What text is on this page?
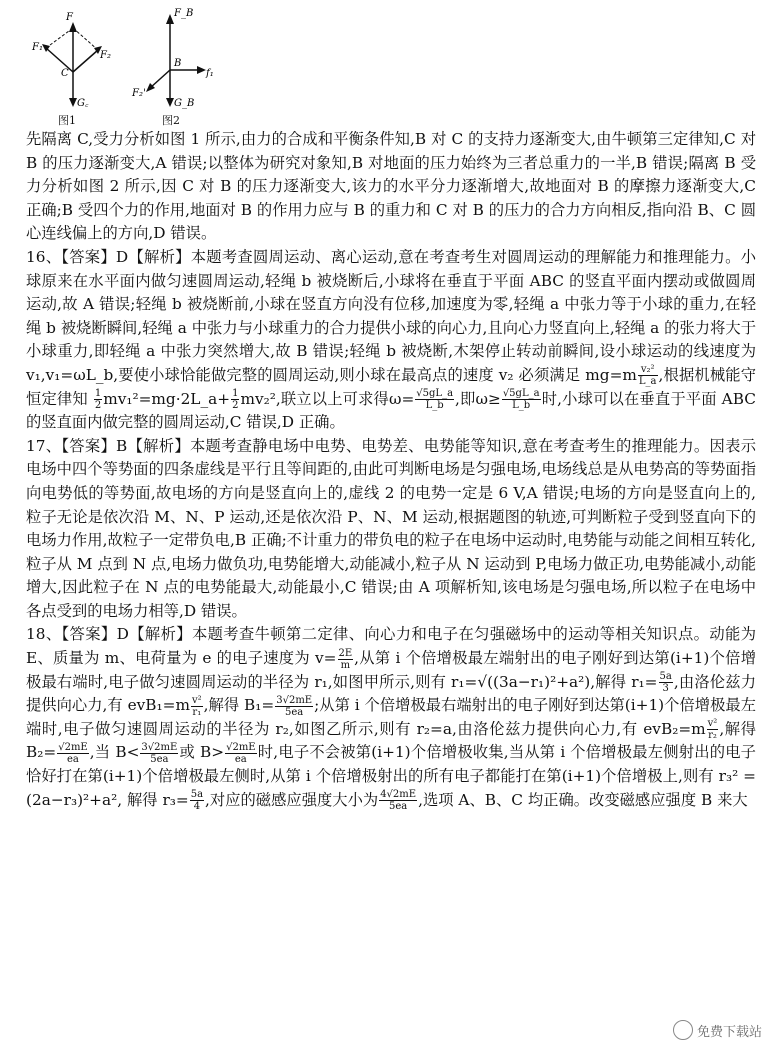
F
F₁
F₂
C
G꜀
图1
F_B
B
f₁
F₂'
G_B
图2

先隔离 C,受力分析如图 1 所示,由力的合成和平衡条件知,B 对 C 的支持力逐渐变大,由牛顿第三定律知,C 对 B 的压力逐渐变大,A 错误;以整体为研究对象知,B 对地面的压力始终为三者总重力的一半,B 错误;隔离 B 受力分析如图 2 所示,因 C 对 B 的压力逐渐变大,该力的水平分力逐渐增大,故地面对 B 的摩擦力逐渐变大,C 正确;B 受四个力的作用,地面对 B 的作用力应与 B 的重力和 C 对 B 的压力的合力方向相反,指向沿 B、C 圆心连线偏上的方向,D 错误。

16、【答案】D【解析】本题考查圆周运动、离心运动,意在考查考生对圆周运动的理解能力和推理能力。小球原来在水平面内做匀速圆周运动,轻绳 b 被烧断后,小球将在垂直于平面 ABC 的竖直平面内摆动或做圆周运动,故 A 错误;轻绳 b 被烧断前,小球在竖直方向没有位移,加速度为零,轻绳 a 中张力等于小球的重力,在轻绳 b 被烧断瞬间,轻绳 a 中张力与小球重力的合力提供小球的向心力,且向心力竖直向上,轻绳 a 的张力将大于小球重力,即轻绳 a 中张力突然增大,故 B 错误;轻绳 b 被烧断,木架停止转动前瞬间,设小球运动的线速度为 v₁,v₁=ωL_b,要使小球恰能做完整的圆周运动,则小球在最高点的速度 v₂ 必须满足 $mg=m \frac{\text{v₂²}}{L\_a}$ ,根据机械能守恒定律知 $\frac{1}{2}$ mv₁²=mg·2L_a+ $\frac{1}{2} mv_2^2$,联立以上可求得$\omega= \frac{√5gL\_a}{L\_b}$ ,即$\omega\ge \frac{√5gL\_a}{L\_b}$ 时,小球可以在垂直于平面 ABC 的竖直面内做完整的圆周运动,C 错误,D 正确。

17、【答案】B【解析】本题考查静电场中电势、电势差、电势能等知识,意在考查考生的推理能力。因表示电场中四个等势面的四条虚线是平行且等间距的,由此可判断电场是匀强电场,电场线总是从电势高的等势面指向电势低的等势面,故电场的方向是竖直向上的,虚线 2 的电势一定是 6 V,A 错误;电场的方向是竖直向上的,粒子无论是依次沿 M、N、P 运动,还是依次沿 P、N、M 运动,根据题图的轨迹,可判断粒子受到竖直向下的电场力作用,故粒子一定带负电,B 正确;不计重力的带负电的粒子在电场中运动时,电势能与动能之间相互转化,粒子从 M 点到 N 点,电场力做负功,电势能增大,动能减小,粒子从 N 运动到 P,电场力做正功,电势能减小,动能增大,因此粒子在 N 点的电势能最大,动能最小,C 错误;由 A 项解析知,该电场是匀强电场,所以粒子在电场中各点受到的电场力相等,D 错误。

18、【答案】D【解析】本题考查牛顿第二定律、向心力和电子在匀强磁场中的运动等相关知识点。动能为 E、质量为 m、电荷量为 e 的电子速度为 $v= \frac{2E}{m}$ ,从第 i 个倍增极最左端射出的电子刚好到达第(i+1)个倍增极最右端时,电子做匀速圆周运动的半径为 r₁,如图甲所示,则有 r₁=√((3a−r₁)²+a²),解得 $r_1= \frac{5a}{3}$ ,由洛伦兹力提供向心力,有 $evB_1=m \frac{\text{v²}}{\text{r₁}}$ ,解得 $B_1= \frac{3√2mE}{5ea}$ ;从第 i 个倍增极最右端射出的电子刚好到达第(i+1)个倍增极最左端时,电子做匀速圆周运动的半径为 r₂,如图乙所示,则有 r₂=a,由洛伦兹力提供向心力,有 $evB_2=m \frac{\text{v²}}{\text{r₂}}$ ,解得 $B_2= \frac{√2mE}{ea}$ ,当 $B< \frac{3√2mE}{5ea}$ 或 $B> \frac{√2mE}{ea}$ 时,电子不会被第(i+1)个倍增极收集,当从第 i 个倍增极最左侧射出的电子恰好打在第(i+1)个倍增极最左侧时,从第 i 个倍增极射出的所有电子都能打在第(i+1)个倍增极上,则有 r₃² = (2a−r₃)²+a², 解得 $r_3= \frac{5a}{4}$ ,对应的磁感应强度大小为 $\frac{4√2mE}{5ea}$ ,选项 A、B、C 均正确。改变磁感应强度 B 来大

免费下载站
